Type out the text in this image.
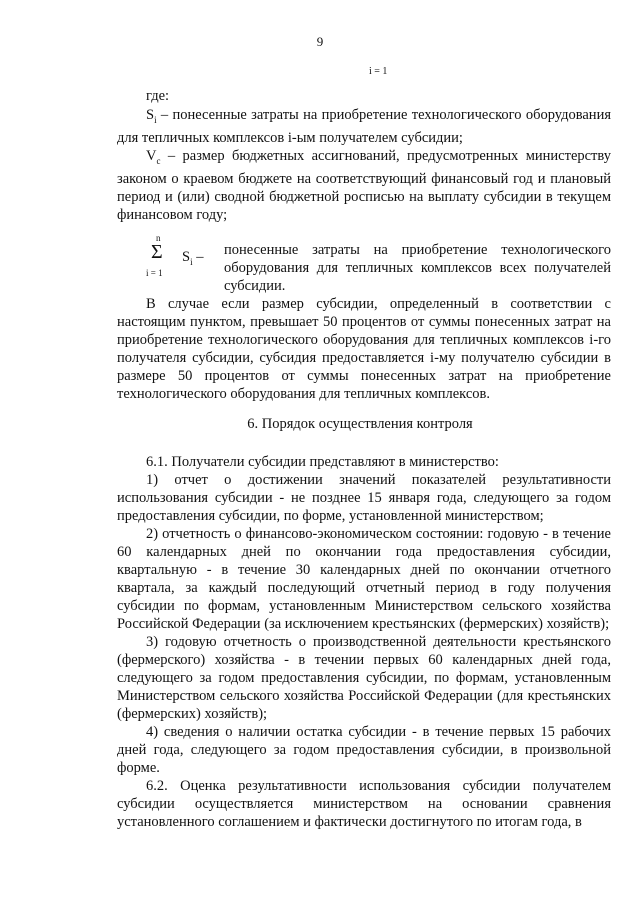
9
i = 1
где:

$S_i$ – понесенные затраты на приобретение технологического оборудования для тепличных комплексов i-ым получателем субсидии;

$V_c$ – размер бюджетных ассигнований, предусмотренных министерству законом о краевом бюджете на соответствующий финансовый год и плановый период и (или) сводной бюджетной росписью на выплату субсидии в текущем финансовом году;

n
Σ
i = 1
$S_i$ – понесенные затраты на приобретение технологического оборудования для тепличных комплексов всех получателей субсидии.

В случае если размер субсидии, определенный в соответствии с настоящим пунктом, превышает 50 процентов от суммы понесенных затрат на приобретение технологического оборудования для тепличных комплексов i-го получателя субсидии, субсидия предоставляется i-му получателю субсидии в размере 50 процентов от суммы понесенных затрат на приобретение технологического оборудования для тепличных комплексов.

6. Порядок осуществления контроля

6.1. Получатели субсидии представляют в министерство:

1) отчет о достижении значений показателей результативности использования субсидии - не позднее 15 января года, следующего за годом предоставления субсидии, по форме, установленной министерством;

2) отчетность о финансово-экономическом состоянии: годовую - в течение 60 календарных дней по окончании года предоставления субсидии, квартальную - в течение 30 календарных дней по окончании отчетного квартала, за каждый последующий отчетный период в году получения субсидии по формам, установленным Министерством сельского хозяйства Российской Федерации (за исключением крестьянских (фермерских) хозяйств);

3) годовую отчетность о производственной деятельности крестьянского (фермерского) хозяйства - в течении первых 60 календарных дней года, следующего за годом предоставления субсидии, по формам, установленным Министерством сельского хозяйства Российской Федерации (для крестьянских (фермерских) хозяйств);

4) сведения о наличии остатка субсидии - в течение первых 15 рабочих дней года, следующего за годом предоставления субсидии, в произвольной форме.

6.2. Оценка результативности использования субсидии получателем субсидии осуществляется министерством на основании сравнения установленного соглашением и фактически достигнутого по итогам года, в
